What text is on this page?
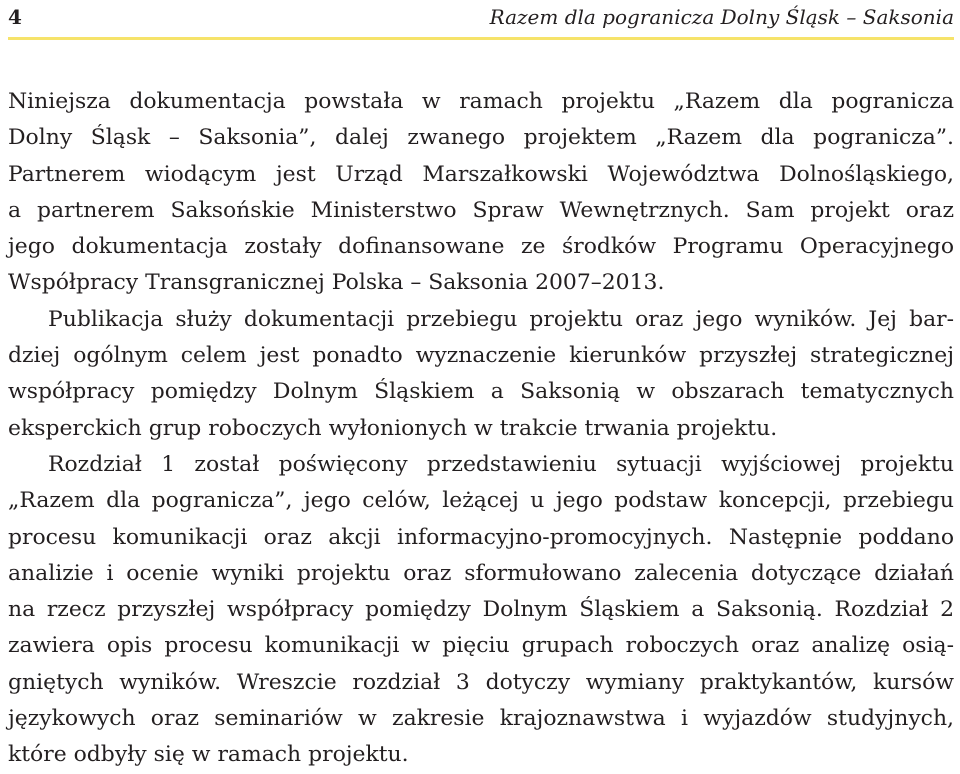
4	Razem dla pogranicza Dolny Śląsk – Saksonia
Niniejsza dokumentacja powstała w ramach projektu „Razem dla pogranicza
Dolny Śląsk – Saksonia”, dalej zwanego projektem „Razem dla pogranicza”.
Partnerem wiodącym jest Urząd Marszałkowski Województwa Dolnośląskiego,
a partnerem Saksońskie Ministerstwo Spraw Wewnętrznych. Sam projekt oraz
jego dokumentacja zostały dofinansowane ze środków Programu Operacyjnego
Współpracy Transgranicznej Polska – Saksonia 2007–2013.
Publikacja służy dokumentacji przebiegu projektu oraz jego wyników. Jej bar-
dziej ogólnym celem jest ponadto wyznaczenie kierunków przyszłej strategicznej
współpracy pomiędzy Dolnym Śląskiem a Saksonią w obszarach tematycznych
eksperckich grup roboczych wyłonionych w trakcie trwania projektu.
Rozdział 1 został poświęcony przedstawieniu sytuacji wyjściowej projektu
„Razem dla pogranicza”, jego celów, leżącej u jego podstaw koncepcji, przebiegu
procesu komunikacji oraz akcji informacyjno-promocyjnych. Następnie poddano
analizie i ocenie wyniki projektu oraz sformułowano zalecenia dotyczące działań
na rzecz przyszłej współpracy pomiędzy Dolnym Śląskiem a Saksonią. Rozdział 2
zawiera opis procesu komunikacji w pięciu grupach roboczych oraz analizę osią-
gniętych wyników. Wreszcie rozdział 3 dotyczy wymiany praktykantów, kursów
językowych oraz seminariów w zakresie krajoznawstwa i wyjazdów studyjnych,
które odbyły się w ramach projektu.
